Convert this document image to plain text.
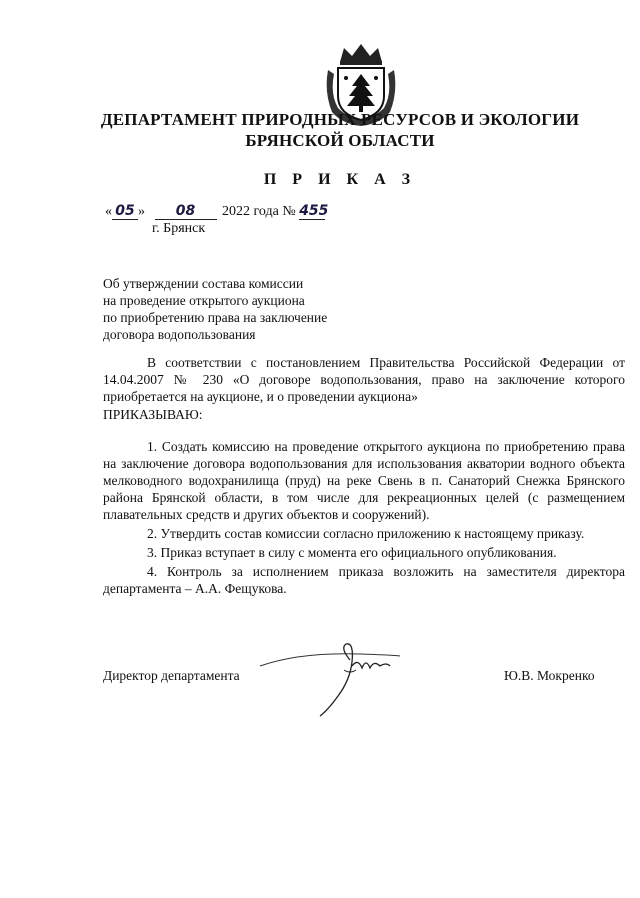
ДЕПАРТАМЕНТ ПРИРОДНЫХ РЕСУРСОВ И ЭКОЛОГИИ
БРЯНСКОЙ ОБЛАСТИ
П Р И К А З
« 05 » 08 2022 года № 455
г. Брянск
Об утверждении состава комиссии
на проведение открытого аукциона
по приобретению права на заключение
договора водопользования
В соответствии с постановлением Правительства Российской Федерации от 14.04.2007 № 230 «О договоре водопользования, право на заключение которого приобретается на аукционе, и о проведении аукциона»
ПРИКАЗЫВАЮ:

1. Создать комиссию на проведение открытого аукциона по приобретению права на заключение договора водопользования для использования акватории водного объекта мелководного водохранилища (пруд) на реке Свень в п. Санаторий Снежка Брянского района Брянской области, в том числе для рекреационных целей (с размещением плавательных средств и других объектов и сооружений).

2. Утвердить состав комиссии согласно приложению к настоящему приказу.

3. Приказ вступает в силу с момента его официального опубликования.

4. Контроль за исполнением приказа возложить на заместителя директора департамента – А.А. Фещукова.

Директор департамента	Ю.В. Мокренко
